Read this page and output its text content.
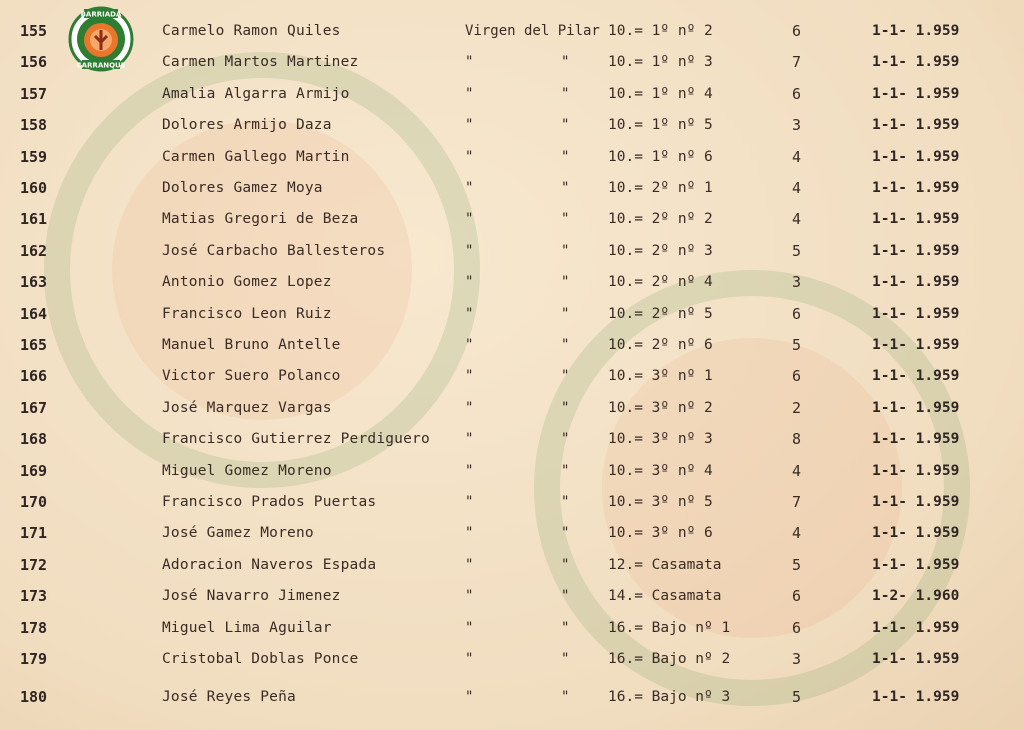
BARRIADA
CARRANQUE
155	Carmelo Ramon Quiles	Virgen del Pilar 10.= 1º nº 2	6	1-1- 1.959
156	Carmen Martos Martinez	"	"	10.= 1º nº 3	7	1-1- 1.959
157	Amalia Algarra Armijo	"	"	10.= 1º nº 4	6	1-1- 1.959
158	Dolores Armijo Daza	"	"	10.= 1º nº 5	3	1-1- 1.959
159	Carmen Gallego Martin	"	"	10.= 1º nº 6	4	1-1- 1.959
160	Dolores Gamez Moya	"	"	10.= 2º nº 1	4	1-1- 1.959
161	Matias Gregori de Beza	"	"	10.= 2º nº 2	4	1-1- 1.959
162	José Carbacho Ballesteros	"	"	10.= 2º nº 3	5	1-1- 1.959
163	Antonio Gomez Lopez	"	"	10.= 2º nº 4	3	1-1- 1.959
164	Francisco Leon Ruiz	"	"	10.= 2º nº 5	6	1-1- 1.959
165	Manuel Bruno Antelle	"	"	10.= 2º nº 6	5	1-1- 1.959
166	Victor Suero Polanco	"	"	10.= 3º nº 1	6	1-1- 1.959
167	José Marquez Vargas	"	"	10.= 3º nº 2	2	1-1- 1.959
168	Francisco Gutierrez Perdiguero	"	"	10.= 3º nº 3	8	1-1- 1.959
169	Miguel Gomez Moreno	"	"	10.= 3º nº 4	4	1-1- 1.959
170	Francisco Prados Puertas	"	"	10.= 3º nº 5	7	1-1- 1.959
171	José Gamez Moreno	"	"	10.= 3º nº 6	4	1-1- 1.959
172	Adoracion Naveros Espada	"	"	12.= Casamata	5	1-1- 1.959
173	José Navarro Jimenez	"	"	14.= Casamata	6	1-2- 1.960
178	Miguel Lima Aguilar	"	"	16.= Bajo nº 1	6	1-1- 1.959
179	Cristobal Doblas Ponce	"	"	16.= Bajo nº 2	3	1-1- 1.959
180	José Reyes Peña	"	"	16.= Bajo nº 3	5	1-1- 1.959
